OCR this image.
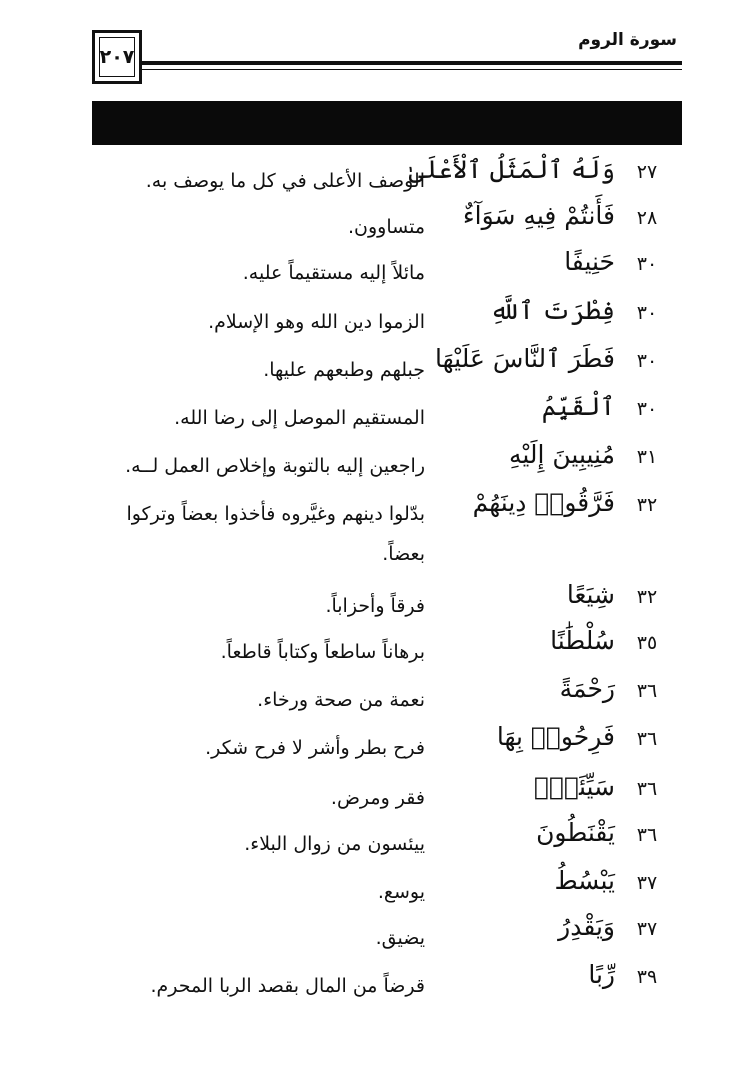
٢٠٧
سورة الروم
٢٧
وَلَهُ ٱلْمَثَلُ ٱلْأَعْلَىٰ
الوصف الأعلى في كل ما يوصف به.
٢٨
فَأَنتُمْ فِيهِ سَوَآءٌ
متساوون.
٣٠
حَنِيفًا
مائلاً إليه مستقيماً عليه.
٣٠
فِطْرَتَ ٱللَّهِ
الزموا دين الله وهو الإسلام.
٣٠
فَطَرَ ٱلنَّاسَ عَلَيْهَا
جبلهم وطبعهم عليها.
٣٠
ٱلْقَيِّمُ
المستقيم الموصل إلى رضا الله.
٣١
مُنِيبِينَ إِلَيْهِ
راجعين إليه بالتوبة وإخلاص العمل لــه.
٣٢
فَرَّقُوا۟ دِينَهُمْ
بدّلوا دينهم وغيَّروه فأخذوا بعضاً وتركوا بعضاً.
٣٢
شِيَعًا
فرقاً وأحزاباً.
٣٥
سُلْطَٰنًا
برهاناً ساطعاً وكتاباً قاطعاً.
٣٦
رَحْمَةً
نعمة من صحة ورخاء.
٣٦
فَرِحُوا۟ بِهَا
فرح بطر وأشر لا فرح شكر.
٣٦
سَيِّئَةٌۢ
فقر ومرض.
٣٦
يَقْنَطُونَ
ييئسون من زوال البلاء.
٣٧
يَبْسُطُ
يوسع.
٣٧
وَيَقْدِرُ
يضيق.
٣٩
رِّبًا
قرضاً من المال بقصد الربا المحرم.
